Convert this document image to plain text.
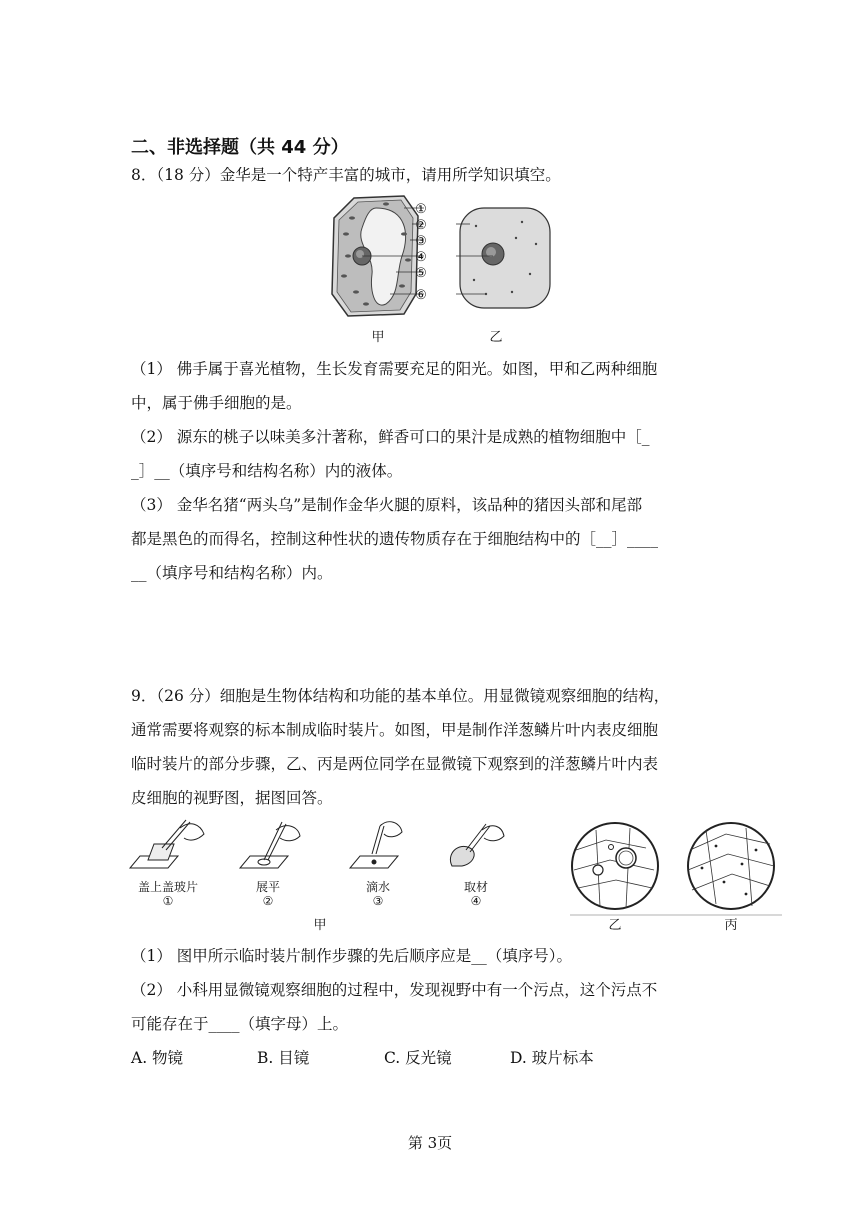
二、非选择题（共 44 分）
8．（18 分）金华是一个特产丰富的城市，请用所学知识填空。
①
②
③
④
⑤
⑥
甲	乙
（1） 佛手属于喜光植物，生长发育需要充足的阳光。如图，甲和乙两种细胞
中，属于佛手细胞的是。
（2） 源东的桃子以味美多汁著称，鲜香可口的果汁是成熟的植物细胞中［_
_］__（填序号和结构名称）内的液体。
（3） 金华名猪“两头乌”是制作金华火腿的原料，该品种的猪因头部和尾部
都是黑色的而得名，控制这种性状的遗传物质存在于细胞结构中的［__］____
__（填序号和结构名称）内。
9．（26 分）细胞是生物体结构和功能的基本单位。用显微镜观察细胞的结构，
通常需要将观察的标本制成临时装片。如图，甲是制作洋葱鳞片叶内表皮细胞
临时装片的部分步骤，乙、丙是两位同学在显微镜下观察到的洋葱鳞片叶内表
皮细胞的视野图，据图回答。
盖上盖玻片
①
展平
②
滴水
③
取材
④
甲	乙	丙
（1） 图甲所示临时装片制作步骤的先后顺序应是__（填序号）。
（2） 小科用显微镜观察细胞的过程中，发现视野中有一个污点，这个污点不
可能存在于____（填字母）上。
A. 物镜	B. 目镜	C. 反光镜	D. 玻片标本
第 3页
